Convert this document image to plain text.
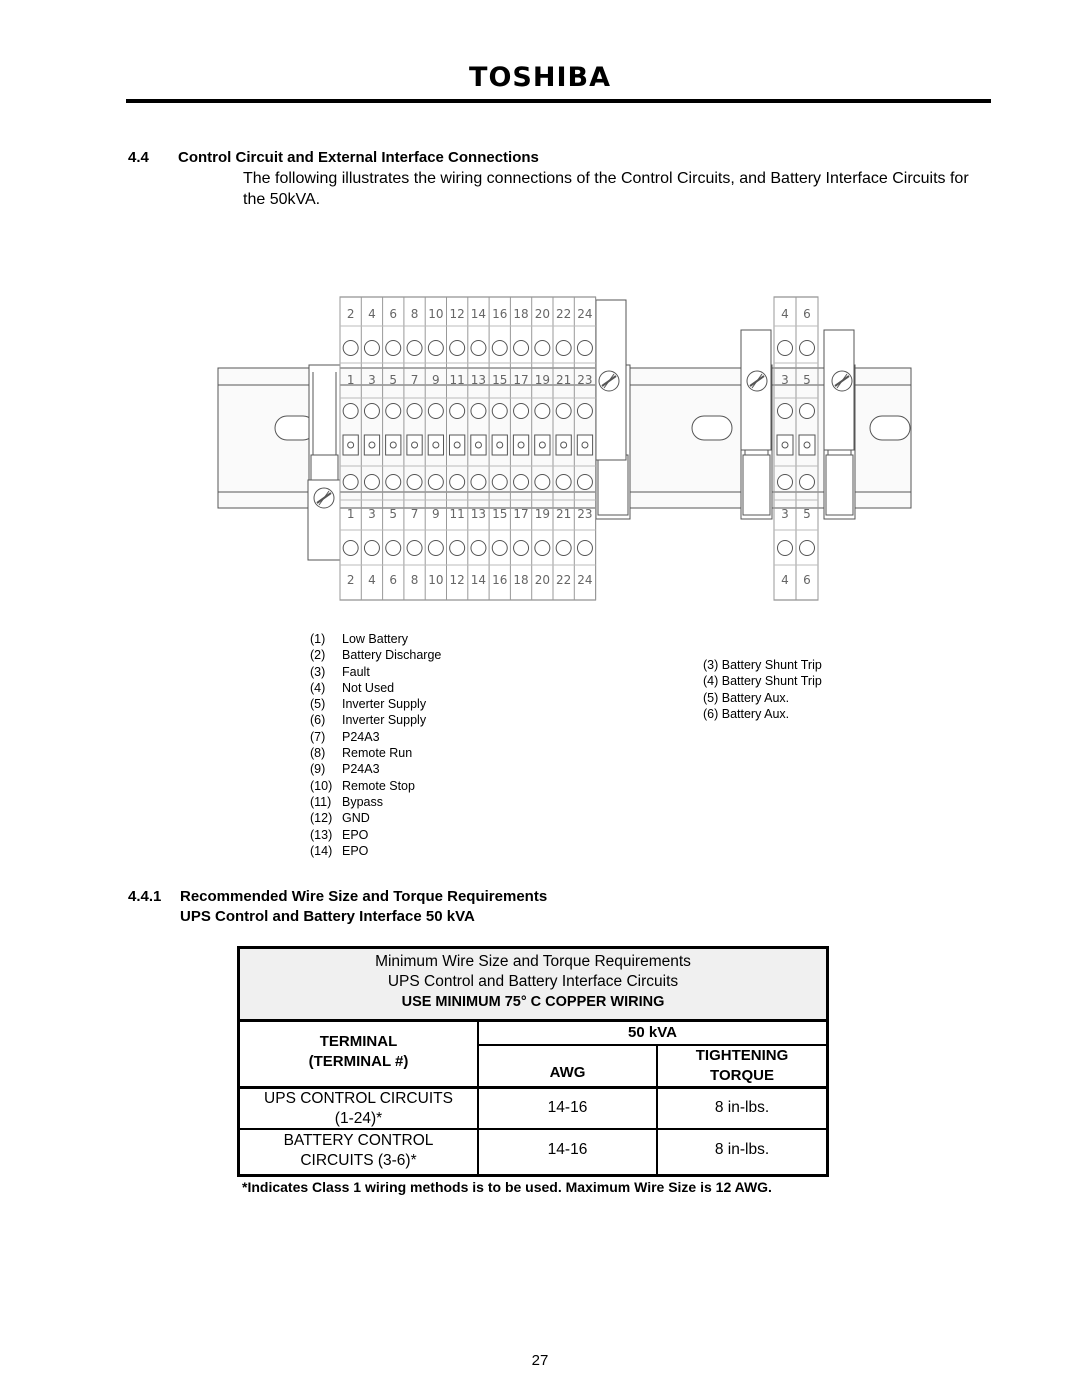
TOSHIBA
4.4 Control Circuit and External Interface Connections
The following illustrates the wiring connections of the Control Circuits, and Battery Interface Circuits for the 50kVA.
2
1
1
2
4
3
3
4
6
5
5
6
8
7
7
8
10
9
9
10
12
11
11
12
14
13
13
14
16
15
15
16
18
17
17
18
20
19
19
20
22
21
21
22
24
23
23
24
4
3
3
4
6
5
5
6
(1) Low Battery
(2) Battery Discharge
(3) Fault
(4) Not Used
(5) Inverter Supply
(6) Inverter Supply
(7) P24A3
(8) Remote Run
(9) P24A3
(10) Remote Stop
(11) Bypass
(12) GND
(13) EPO
(14) EPO
(3) Battery Shunt Trip
(4) Battery Shunt Trip
(5) Battery Aux.
(6) Battery Aux.
4.4.1 Recommended Wire Size and Torque Requirements
UPS Control and Battery Interface 50 kVA
Minimum Wire Size and Torque Requirements
UPS Control and Battery Interface Circuits
USE MINIMUM 75° C COPPER WIRING
TERMINAL
(TERMINAL #)
50 kVA
AWG
TIGHTENING
TORQUE
UPS CONTROL CIRCUITS
(1-24)*
14-16	8 in-lbs.
BATTERY CONTROL
CIRCUITS (3-6)*
14-16	8 in-lbs.
*Indicates Class 1 wiring methods is to be used. Maximum Wire Size is 12 AWG.
27
